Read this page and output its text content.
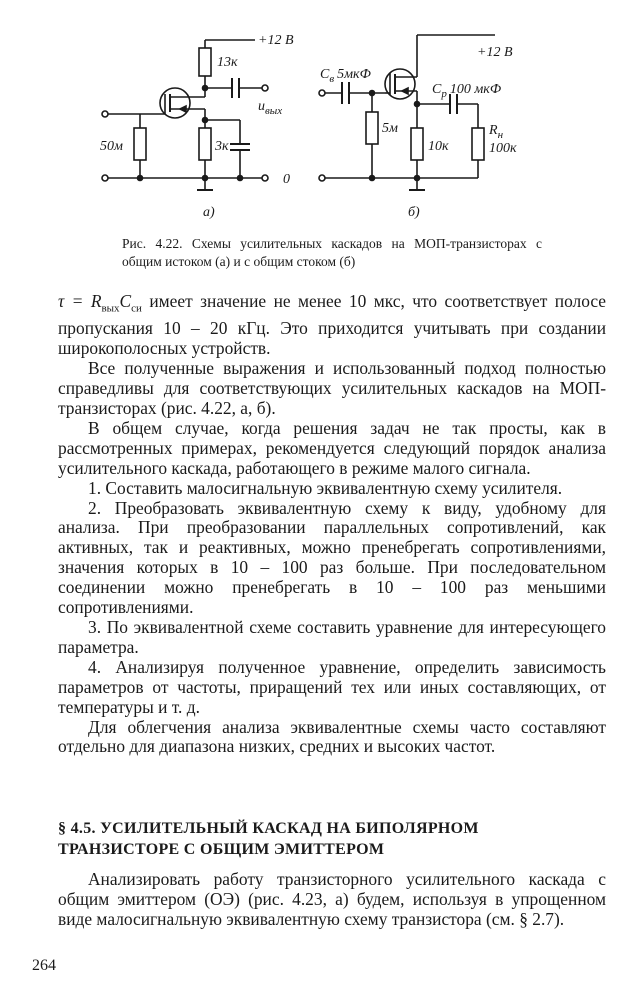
13к
+12 В
$u_{вых}$
50м	3к
0
а)
$C_в$ 5мкФ
+12 В
$C_р$ 100 мкФ
5м
10к
$R_н$
100к
б)
Рис. 4.22. Схемы усилительных каскадов на МОП-транзисторах с общим истоком (а) и с общим стоком (б)

$\tau = R_{вых}C_{си}$ имеет значение не менее 10 мкс, что соответствует полосе пропускания 10 – 20 кГц. Это приходится учитывать при создании широкополосных устройств.

Все полученные выражения и использованный подход полностью справедливы для соответствующих усилительных каскадов на МОП-транзисторах (рис. 4.22, а, б).

В общем случае, когда решения задач не так просты, как в рассмотренных примерах, рекомендуется следующий порядок анализа усилительного каскада, работающего в режиме малого сигнала.

1. Составить малосигнальную эквивалентную схему усилителя.

2. Преобразовать эквивалентную схему к виду, удобному для анализа. При преобразовании параллельных сопротивлений, как активных, так и реактивных, можно пренебрегать сопротивлениями, значения которых в 10 – 100 раз больше. При последовательном соединении можно пренебрегать в 10 – 100 раз меньшими сопротивлениями.

3. По эквивалентной схеме составить уравнение для интересующего параметра.

4. Анализируя полученное уравнение, определить зависимость параметров от частоты, приращений тех или иных составляющих, от температуры и т. д.

Для облегчения анализа эквивалентные схемы часто составляют отдельно для диапазона низких, средних и высоких частот.

§ 4.5. УСИЛИТЕЛЬНЫЙ КАСКАД НА БИПОЛЯРНОМ
ТРАНЗИСТОРЕ С ОБЩИМ ЭМИТТЕРОМ

Анализировать работу транзисторного усилительного каскада с общим эмиттером (ОЭ) (рис. 4.23, а) будем, используя в упрощенном виде малосигнальную эквивалентную схему транзистора (см. § 2.7).

264
